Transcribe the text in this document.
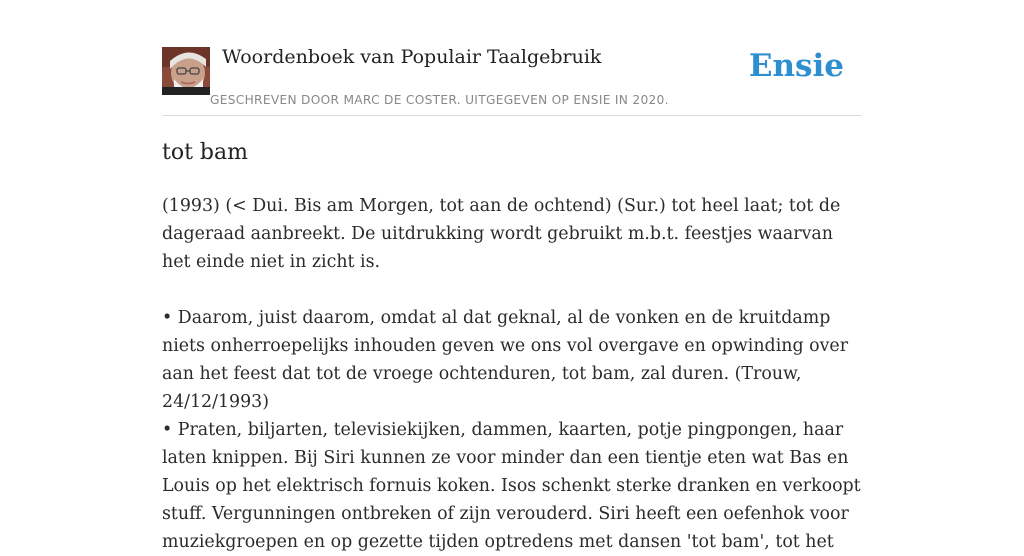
Woordenboek van Populair Taalgebruik
GESCHREVEN DOOR MARC DE COSTER. UITGEGEVEN OP ENSIE IN 2020.
Ensie
tot bam

(1993) (< Dui. Bis am Morgen, tot aan de ochtend) (Sur.) tot heel laat; tot de dageraad aanbreekt. De uitdrukking wordt gebruikt m.b.t. feestjes waarvan het einde niet in zicht is.

• Daarom, juist daarom, omdat al dat geknal, al de vonken en de kruitdamp niets onherroepelijks inhouden geven we ons vol overgave en opwinding over aan het feest dat tot de vroege ochtenduren, tot bam, zal duren. (Trouw, 24/12/1993)

• Praten, biljarten, televisiekijken, dammen, kaarten, potje pingpongen, haar laten knippen. Bij Siri kunnen ze voor minder dan een tientje eten wat Bas en Louis op het elektrisch fornuis koken. Isos schenkt sterke dranken en verkoopt stuff. Vergunningen ontbreken of zijn verouderd. Siri heeft een oefenhok voor muziekgroepen en op gezette tijden optredens met dansen 'tot bam', tot het
